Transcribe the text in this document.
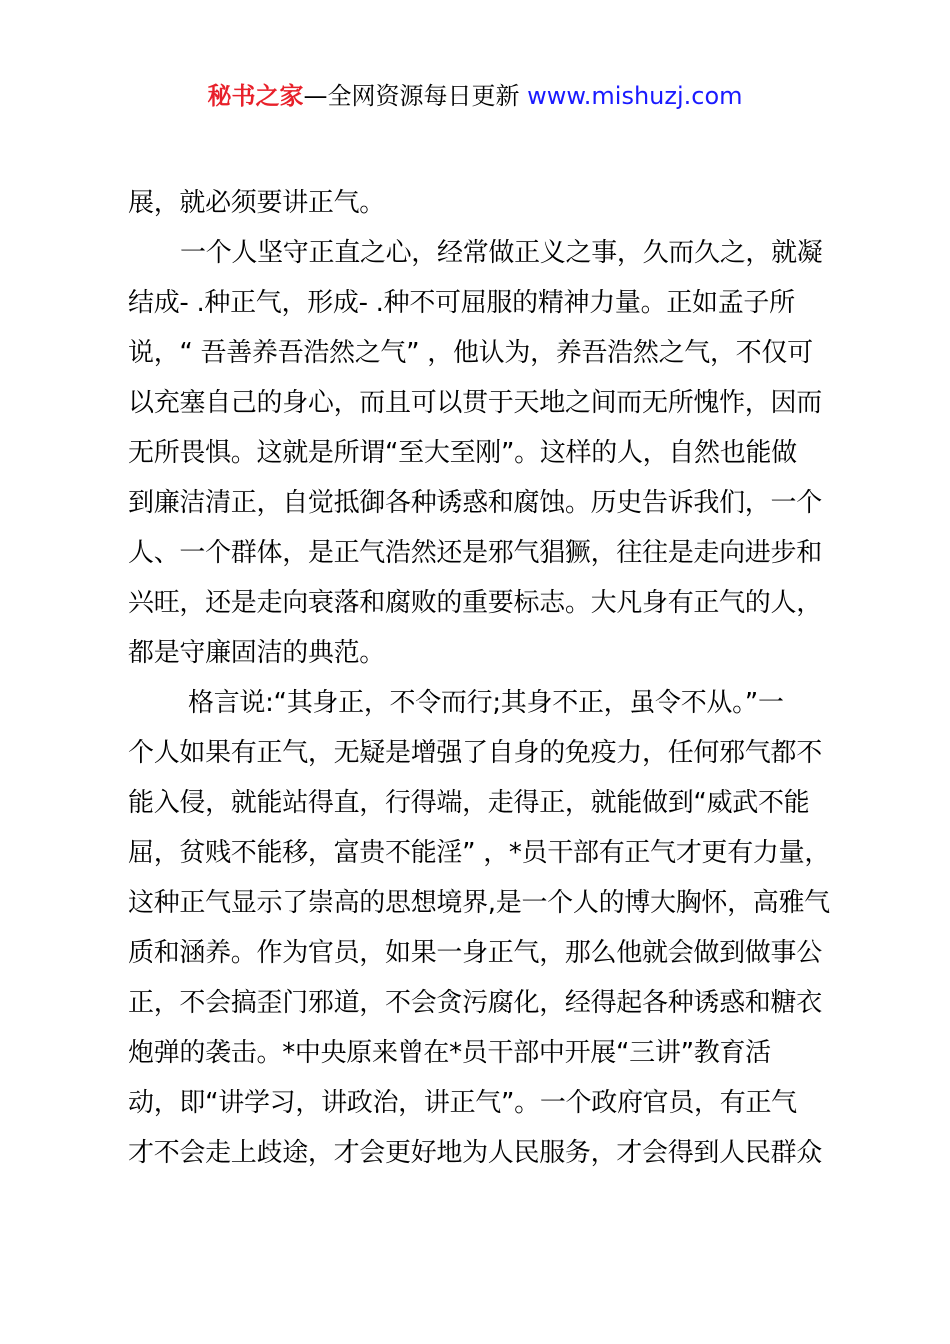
秘书之家—全网资源每日更新 www.mishuzj.com
展，就必须要讲正气。
一个人坚守正直之心，经常做正义之事，久而久之，就凝
结成- .种正气，形成- .种不可屈服的精神力量。正如孟子所
说，“ 吾善养吾浩然之气” ，他认为，养吾浩然之气，不仅可
以充塞自己的身心，而且可以贯于天地之间而无所愧怍，因而
无所畏惧。这就是所谓“至大至刚”。这样的人，自然也能做
到廉洁清正，自觉抵御各种诱惑和腐蚀。历史告诉我们，一个
人、一个群体，是正气浩然还是邪气猖獗，往往是走向进步和
兴旺，还是走向衰落和腐败的重要标志。大凡身有正气的人，
都是守廉固洁的典范。
格言说:“其身正，不令而行;其身不正，虽令不从。”一
个人如果有正气，无疑是增强了自身的免疫力，任何邪气都不
能入侵，就能站得直，行得端，走得正，就能做到“威武不能
屈，贫贱不能移，富贵不能淫” ，*员干部有正气才更有力量，
这种正气显示了崇高的思想境界,是一个人的博大胸怀，高雅气
质和涵养。作为官员，如果一身正气，那么他就会做到做事公
正，不会搞歪门邪道，不会贪污腐化，经得起各种诱惑和糖衣
炮弹的袭击。*中央原来曾在*员干部中开展“三讲”教育活
动，即“讲学习，讲政治，讲正气”。一个政府官员，有正气
才不会走上歧途，才会更好地为人民服务，才会得到人民群众
